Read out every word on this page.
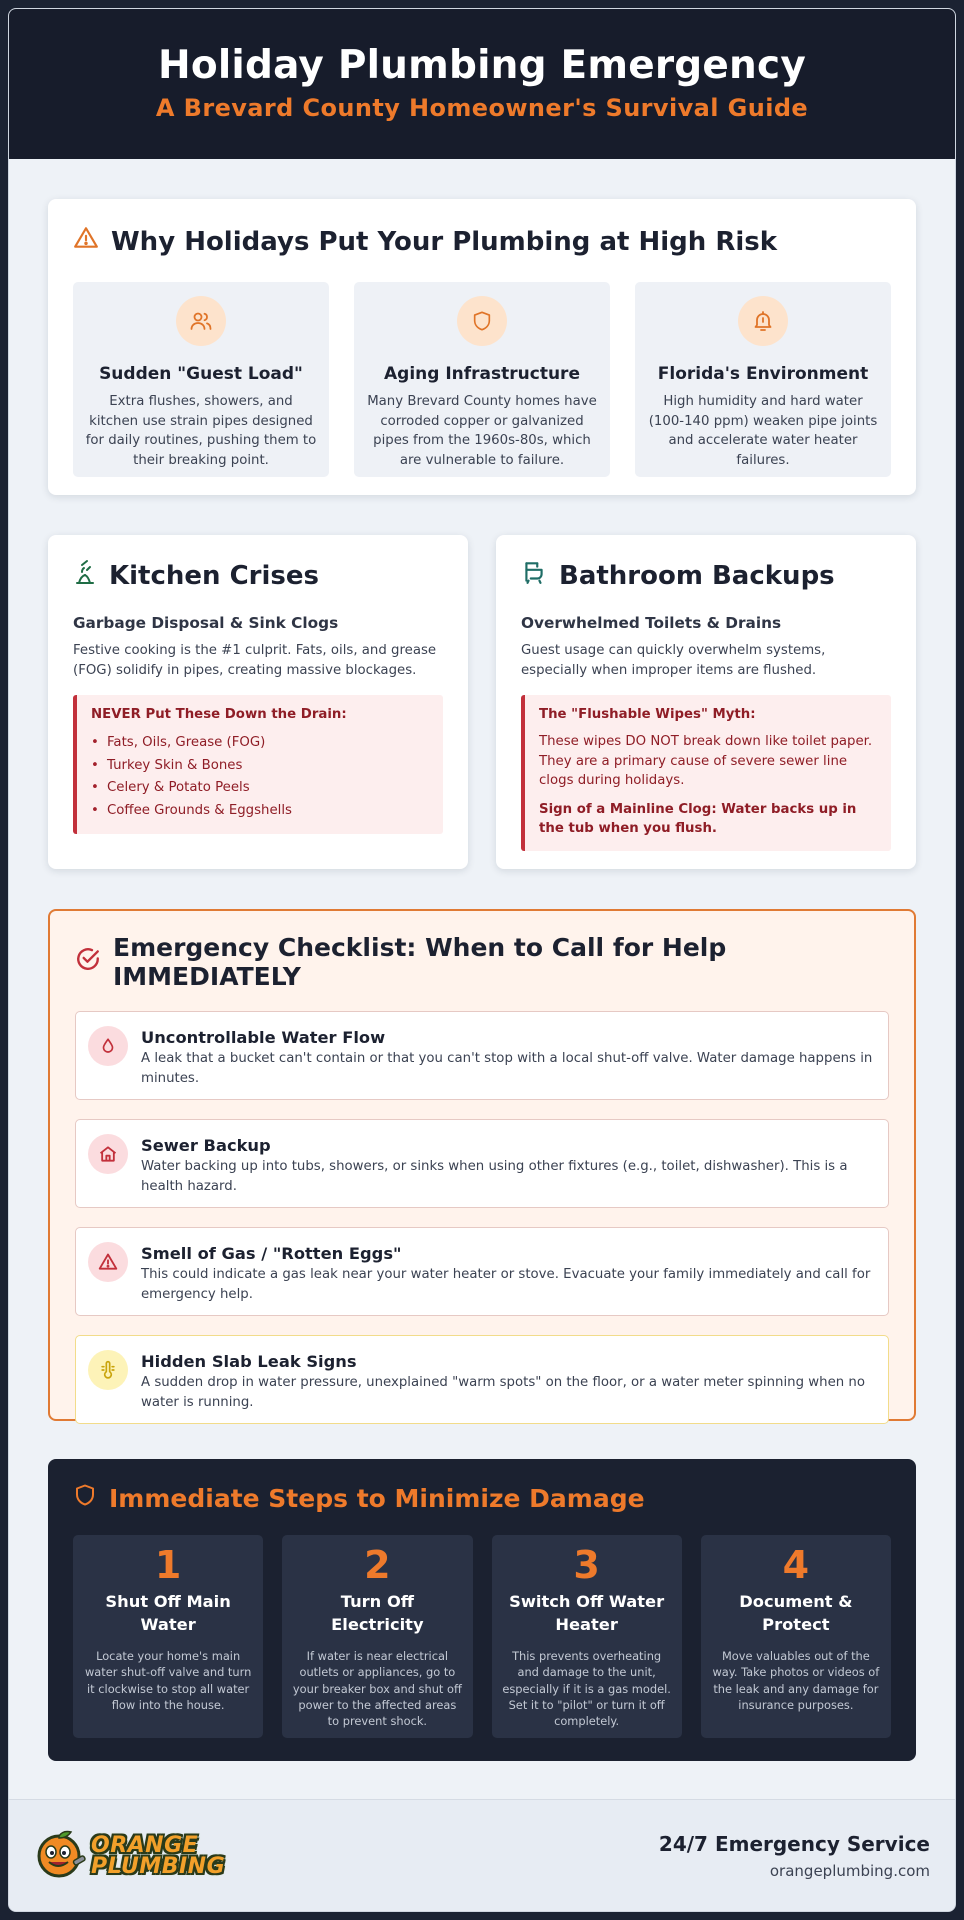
Holiday Plumbing Emergency
A Brevard County Homeowner's Survival Guide
Why Holidays Put Your Plumbing at High Risk
Sudden "Guest Load"

Extra flushes, showers, and kitchen use strain pipes designed for daily routines, pushing them to their breaking point.

Aging Infrastructure

Many Brevard County homes have corroded copper or galvanized pipes from the 1960s-80s, which are vulnerable to failure.

Florida's Environment

High humidity and hard water (100-140 ppm) weaken pipe joints and accelerate water heater failures.

Kitchen Crises
Garbage Disposal & Sink Clogs

Festive cooking is the #1 culprit. Fats, oils, and grease (FOG) solidify in pipes, creating massive blockages.

NEVER Put These Down the Drain:
• Fats, Oils, Grease (FOG)
• Turkey Skin & Bones
• Celery & Potato Peels
• Coffee Grounds & Eggshells
Bathroom Backups
Overwhelmed Toilets & Drains

Guest usage can quickly overwhelm systems, especially when improper items are flushed.

The "Flushable Wipes" Myth:

These wipes DO NOT break down like toilet paper. They are a primary cause of severe sewer line clogs during holidays.

Sign of a Mainline Clog: Water backs up in the tub when you flush.

Emergency Checklist: When to Call for Help IMMEDIATELY
Uncontrollable Water Flow

A leak that a bucket can't contain or that you can't stop with a local shut-off valve. Water damage happens in minutes.

Sewer Backup

Water backing up into tubs, showers, or sinks when using other fixtures (e.g., toilet, dishwasher). This is a health hazard.

Smell of Gas / "Rotten Eggs"

This could indicate a gas leak near your water heater or stove. Evacuate your family immediately and call for emergency help.

Hidden Slab Leak Signs

A sudden drop in water pressure, unexplained "warm spots" on the floor, or a water meter spinning when no water is running.

Immediate Steps to Minimize Damage
1
Shut Off Main Water

Locate your home's main water shut-off valve and turn it clockwise to stop all water flow into the house.

2
Turn Off Electricity

If water is near electrical outlets or appliances, go to your breaker box and shut off power to the affected areas to prevent shock.

3
Switch Off Water Heater

This prevents overheating and damage to the unit, especially if it is a gas model. Set it to "pilot" or turn it off completely.

4
Document & Protect

Move valuables out of the way. Take photos or videos of the leak and any damage for insurance purposes.

ORANGE
PLUMBING
24/7 Emergency Service
orangeplumbing.com
